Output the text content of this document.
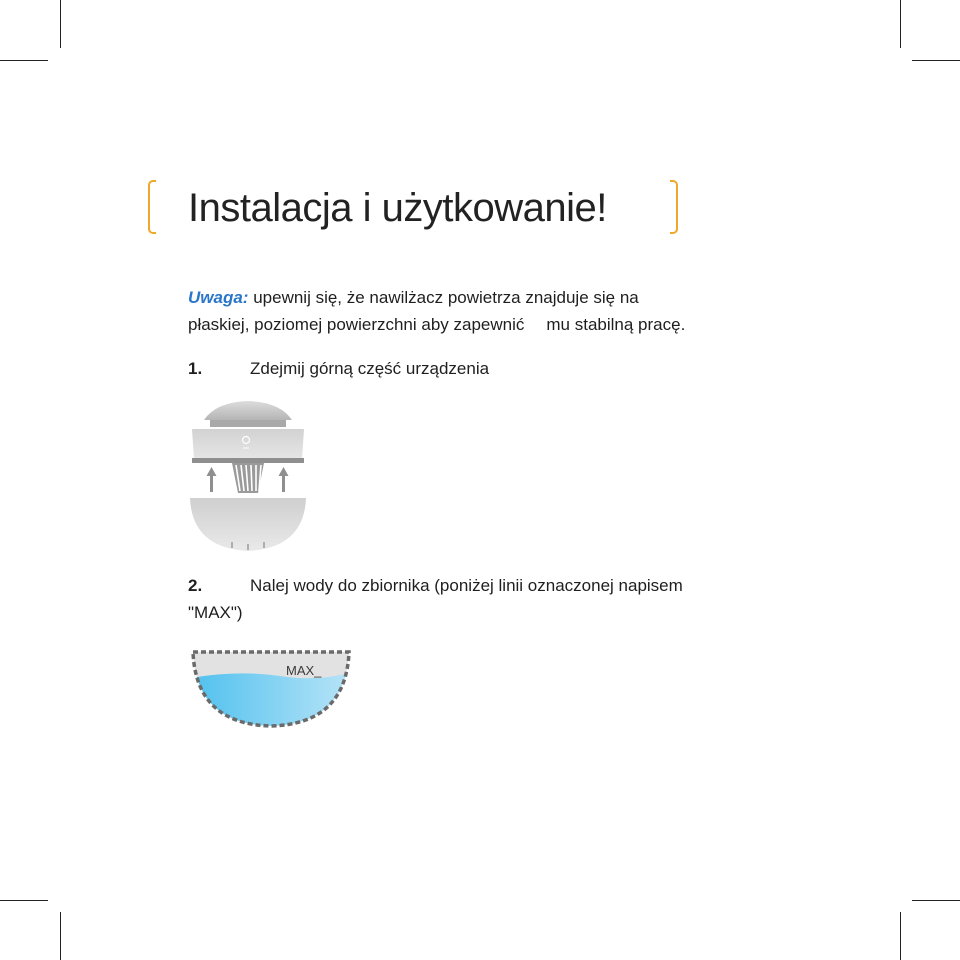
Instalacja i użytkowanie!

Uwaga: upewnij się, że nawilżacz powietrza znajduje się na

płaskiej, poziomej powierzchni aby zapewnić mu stabilną pracę.

1.	Zdejmij górną część urządzenia

2.	Nalej wody do zbiornika (poniżej linii oznaczonej napisem

"MAX")

MAX_
